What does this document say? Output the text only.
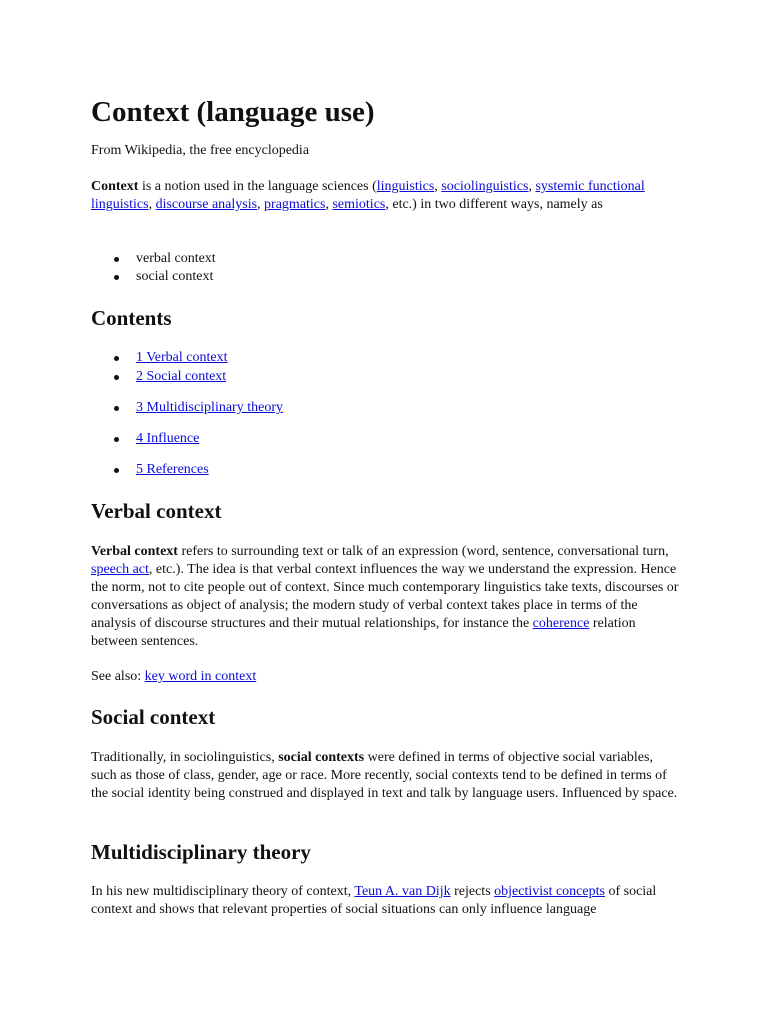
Context (language use)

From Wikipedia, the free encyclopedia

Context is a notion used in the language sciences (linguistics, sociolinguistics, systemic functional linguistics, discourse analysis, pragmatics, semiotics, etc.) in two different ways, namely as

verbal context
social context
Contents
1 Verbal context
2 Social context
3 Multidisciplinary theory
4 Influence
5 References
Verbal context

Verbal context refers to surrounding text or talk of an expression (word, sentence, conversational turn, speech act, etc.). The idea is that verbal context influences the way we understand the expression. Hence the norm, not to cite people out of context. Since much contemporary linguistics take texts, discourses or conversations as object of analysis; the modern study of verbal context takes place in terms of the analysis of discourse structures and their mutual relationships, for instance the coherence relation between sentences.

See also: key word in context

Social context

Traditionally, in sociolinguistics, social contexts were defined in terms of objective social variables, such as those of class, gender, age or race. More recently, social contexts tend to be defined in terms of the social identity being construed and displayed in text and talk by language users. Influenced by space.

Multidisciplinary theory

In his new multidisciplinary theory of context, Teun A. van Dijk rejects objectivist concepts of social context and shows that relevant properties of social situations can only influence language
